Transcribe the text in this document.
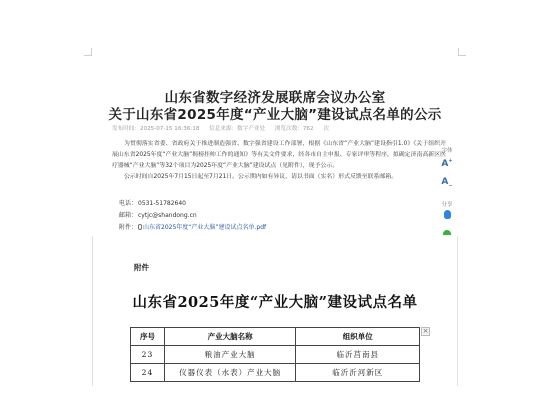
山东省数字经济发展联席会议办公室
关于山东省2025年度“产业大脑”建设试点名单的公示
发布时间：2025-07-15 16:36:18 信息来源：数字产业处 浏览次数：762 次

为贯彻落实省委、省政府关于推进制造强省、数字强省建设工作部署，根据《山东省“产业大脑”建设指引1.0》《关于组织开展山东省2025年度“产业大脑”揭榜挂帅工作的通知》等有关文件要求，经各市自主申报、专家评审等程序，拟确定济南高新区医疗器械“产业大脑”等32个项目为2025年度“产业大脑”建设试点（见附件），现予公示。

公示时间自2025年7月15日起至7月21日。公示期内如有异议，请以书面（实名）形式反馈至联系邮箱。

电话：0531-51782640
邮箱：cytjc@shandong.cn
附件： 山东省2025年度“产业大脑”建设试点名单.pdf
字体
A+
$A_-$
分享
附件
山东省2025年度“产业大脑”建设试点名单
序号	产业大脑名称	组织单位
23	粮油产业大脑	临沂莒南县
24	仪器仪表（水表）产业大脑	临沂沂河新区
×
